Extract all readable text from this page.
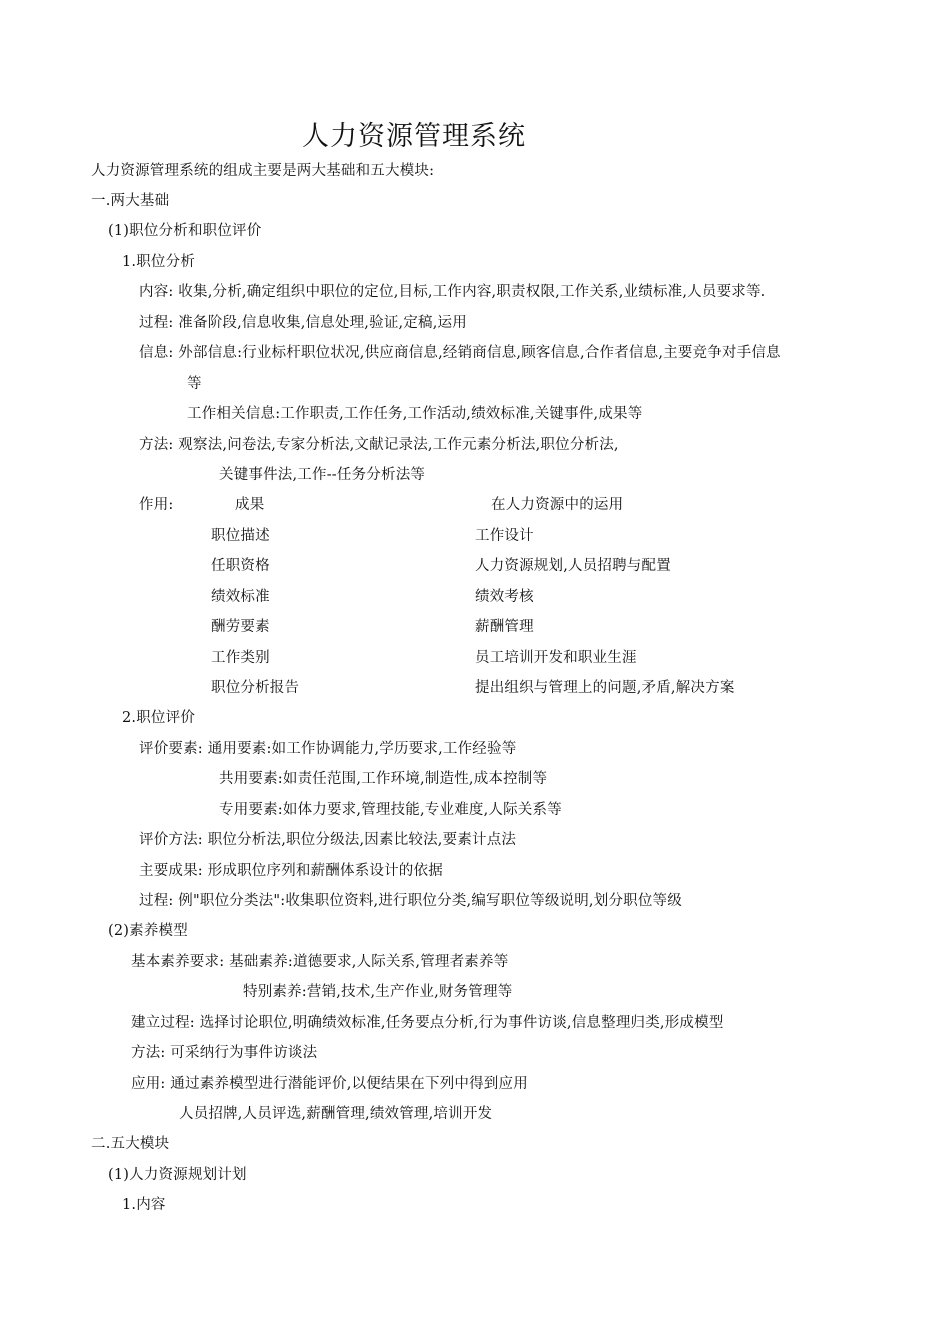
人力资源管理系统

人力资源管理系统的组成主要是两大基础和五大模块:

一.两大基础

(1)职位分析和职位评价

1.职位分析

内容: 收集,分析,确定组织中职位的定位,目标,工作内容,职责权限,工作关系,业绩标准,人员要求等.

过程: 准备阶段,信息收集,信息处理,验证,定稿,运用

信息: 外部信息:行业标杆职位状况,供应商信息,经销商信息,顾客信息,合作者信息,主要竞争对手信息

等

工作相关信息:工作职责,工作任务,工作活动,绩效标准,关键事件,成果等

方法: 观察法,问卷法,专家分析法,文献记录法,工作元素分析法,职位分析法,

关键事件法,工作--任务分析法等

作用:	成果	在人力资源中的运用

职位描述	工作设计

任职资格	人力资源规划,人员招聘与配置

绩效标准	绩效考核

酬劳要素	薪酬管理

工作类别	员工培训开发和职业生涯

职位分析报告	提出组织与管理上的问题,矛盾,解决方案

2.职位评价

评价要素: 通用要素:如工作协调能力,学历要求,工作经验等

共用要素:如责任范围,工作环境,制造性,成本控制等

专用要素:如体力要求,管理技能,专业难度,人际关系等

评价方法: 职位分析法,职位分级法,因素比较法,要素计点法

主要成果: 形成职位序列和薪酬体系设计的依据

过程: 例"职位分类法":收集职位资料,进行职位分类,编写职位等级说明,划分职位等级

(2)素养模型

基本素养要求: 基础素养:道德要求,人际关系,管理者素养等

特别素养:营销,技术,生产作业,财务管理等

建立过程: 选择讨论职位,明确绩效标准,任务要点分析,行为事件访谈,信息整理归类,形成模型

方法: 可采纳行为事件访谈法

应用: 通过素养模型进行潜能评价,以便结果在下列中得到应用

人员招牌,人员评选,薪酬管理,绩效管理,培训开发

二.五大模块

(1)人力资源规划计划

1.内容
